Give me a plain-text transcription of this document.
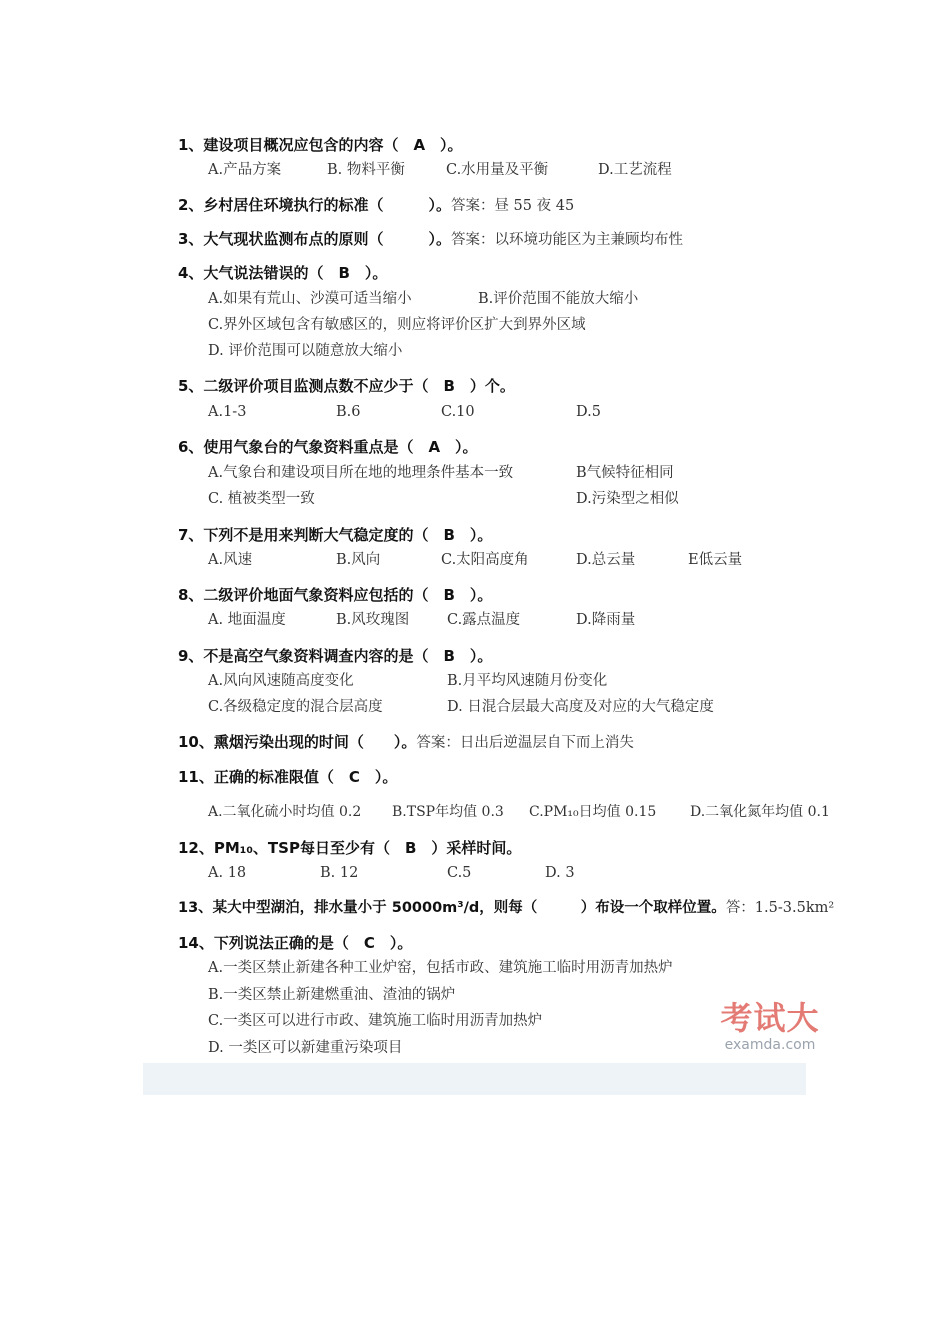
1、建设项目概况应包含的内容（　A　）。
A.产品方案	B. 物料平衡	C.水用量及平衡	D.工艺流程
2、乡村居住环境执行的标准（　　　）。答案：昼 55 夜 45
3、大气现状监测布点的原则（　　　）。答案：以环境功能区为主兼顾均布性
4、大气说法错误的（　B　）。
A.如果有荒山、沙漠可适当缩小	B.评价范围不能放大缩小
C.界外区域包含有敏感区的，则应将评价区扩大到界外区域
D. 评价范围可以随意放大缩小
5、二级评价项目监测点数不应少于（　B　）个。
A.1-3	B.6	C.10	D.5
6、使用气象台的气象资料重点是（　A　）。
A.气象台和建设项目所在地的地理条件基本一致	B气候特征相同
C. 植被类型一致	D.污染型之相似
7、下列不是用来判断大气稳定度的（　B　）。
A.风速	B.风向	C.太阳高度角	D.总云量	E低云量
8、二级评价地面气象资料应包括的（　B　）。
A. 地面温度	B.风玫瑰图	C.露点温度	D.降雨量
9、不是高空气象资料调查内容的是（　B　）。
A.风向风速随高度变化	B.月平均风速随月份变化
C.各级稳定度的混合层高度	D. 日混合层最大高度及对应的大气稳定度
10、熏烟污染出现的时间（　　）。答案：日出后逆温层自下而上消失
11、正确的标准限值（　C　）。
A.二氧化硫小时均值 0.2 B.TSP年均值 0.3 C.PM₁₀日均值 0.15 D.二氧化氮年均值 0.1
12、PM₁₀、TSP每日至少有（　B　）采样时间。
A. 18	B. 12	C.5	D. 3
13、某大中型湖泊，排水量小于 50000m³/d，则每（　　　）布设一个取样位置。答：1.5-3.5km²
14、下列说法正确的是（　C　）。
A.一类区禁止新建各种工业炉窑，包括市政、建筑施工临时用沥青加热炉
B.一类区禁止新建燃重油、渣油的锅炉
C.一类区可以进行市政、建筑施工临时用沥青加热炉
D. 一类区可以新建重污染项目
考试大
examda.com
